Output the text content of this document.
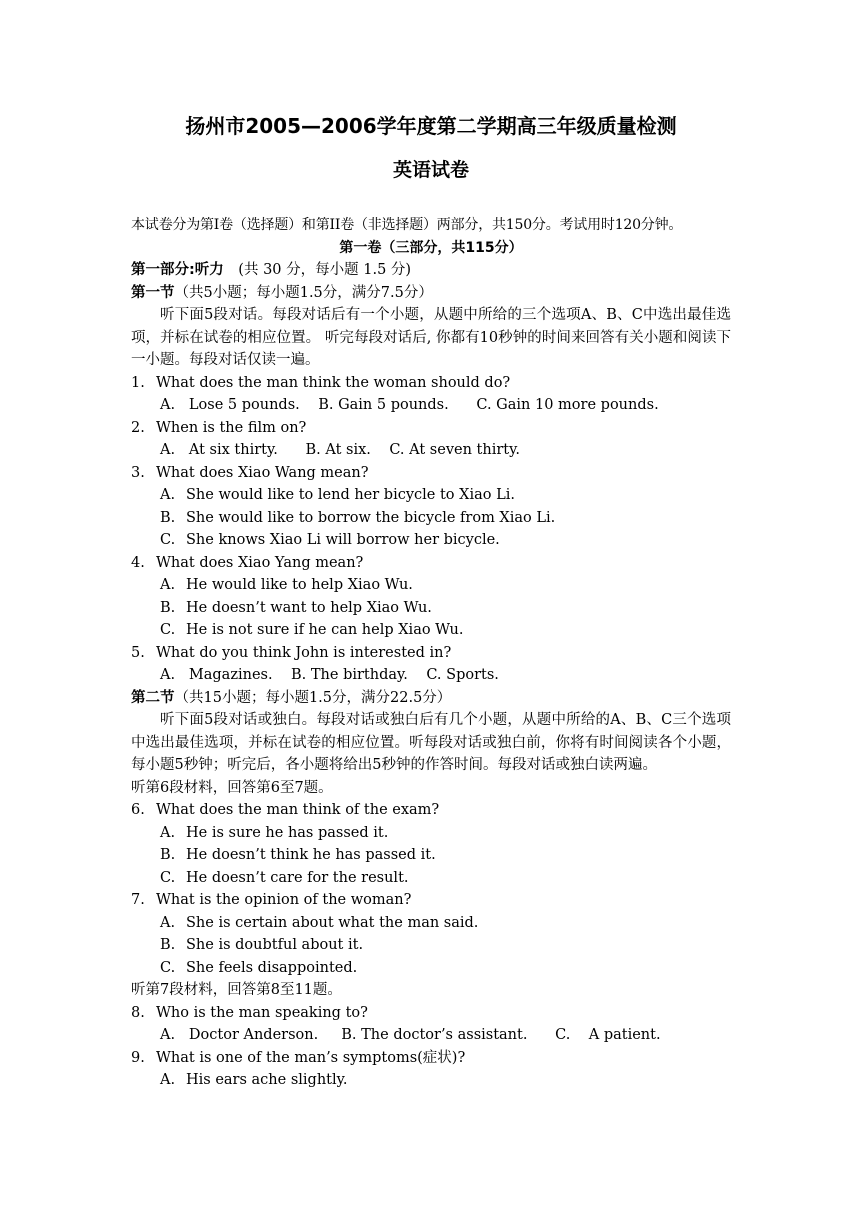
扬州市2005—2006学年度第二学期高三年级质量检测

英语试卷

本试卷分为第I卷（选择题）和第II卷（非选择题）两部分，共150分。考试用时120分钟。
第一卷（三部分，共115分）
第一部分:听力　(共 30 分，每小题 1.5 分)
第一节（共5小题；每小题1.5分，满分7.5分）
听下面5段对话。每段对话后有一个小题，从题中所给的三个选项A、B、C中选出最佳选项，并标在试卷的相应位置。 听完每段对话后, 你都有10秒钟的时间来回答有关小题和阅读下一小题。每段对话仅读一遍。
1. What does the man think the woman should do?
A.   Lose 5 pounds.    B. Gain 5 pounds.      C. Gain 10 more pounds.
2. When is the film on?
A.   At six thirty.      B. At six.    C. At seven thirty.
3. What does Xiao Wang mean?
A. She would like to lend her bicycle to Xiao Li.
B. She would like to borrow the bicycle from Xiao Li.
C. She knows Xiao Li will borrow her bicycle.
4. What does Xiao Yang mean?
A. He would like to help Xiao Wu.
B. He doesn’t want to help Xiao Wu.
C. He is not sure if he can help Xiao Wu.
5. What do you think John is interested in?
A.   Magazines.    B. The birthday.    C. Sports.
第二节（共15小题；每小题1.5分，满分22.5分）
听下面5段对话或独白。每段对话或独白后有几个小题，从题中所给的A、B、C三个选项中选出最佳选项，并标在试卷的相应位置。听每段对话或独白前，你将有时间阅读各个小题，每小题5秒钟；听完后，各小题将给出5秒钟的作答时间。每段对话或独白读两遍。
听第6段材料，回答第6至7题。
6. What does the man think of the exam?
A. He is sure he has passed it.
B. He doesn’t think he has passed it.
C. He doesn’t care for the result.
7. What is the opinion of the woman?
A. She is certain about what the man said.
B. She is doubtful about it.
C. She feels disappointed.
听第7段材料，回答第8至11题。
8. Who is the man speaking to?
A.   Doctor Anderson.     B. The doctor’s assistant.      C.    A patient.
9. What is one of the man’s symptoms(症状)?
A. His ears ache slightly.
